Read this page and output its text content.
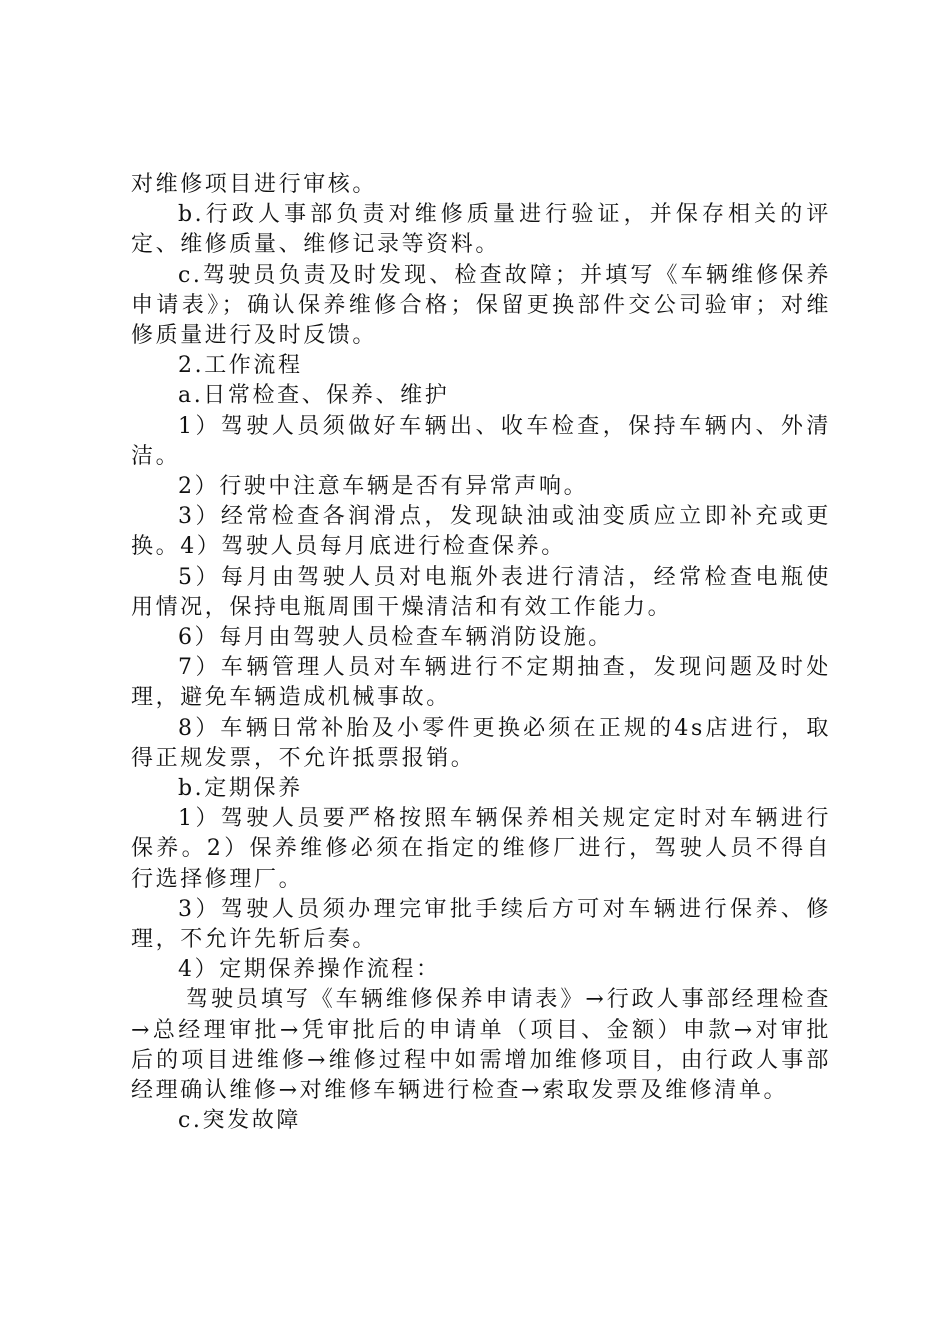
对维修项目进行审核。

b.行政人事部负责对维修质量进行验证，并保存相关的评定、维修质量、维修记录等资料。

c.驾驶员负责及时发现、检查故障；并填写《车辆维修保养申请表》；确认保养维修合格；保留更换部件交公司验审；对维修质量进行及时反馈。

2.工作流程

a.日常检查、保养、维护

1）驾驶人员须做好车辆出、收车检查，保持车辆内、外清洁。

2）行驶中注意车辆是否有异常声响。

3）经常检查各润滑点，发现缺油或油变质应立即补充或更换。4）驾驶人员每月底进行检查保养。

5）每月由驾驶人员对电瓶外表进行清洁，经常检查电瓶使用情况，保持电瓶周围干燥清洁和有效工作能力。

6）每月由驾驶人员检查车辆消防设施。

7）车辆管理人员对车辆进行不定期抽查，发现问题及时处理，避免车辆造成机械事故。

8）车辆日常补胎及小零件更换必须在正规的4s店进行，取得正规发票，不允许抵票报销。

b.定期保养

1）驾驶人员要严格按照车辆保养相关规定定时对车辆进行保养。2）保养维修必须在指定的维修厂进行，驾驶人员不得自行选择修理厂。

3）驾驶人员须办理完审批手续后方可对车辆进行保养、修理，不允许先斩后奏。

4）定期保养操作流程：

驾驶员填写《车辆维修保养申请表》→行政人事部经理检查→总经理审批→凭审批后的申请单（项目、金额）申款→对审批后的项目进维修→维修过程中如需增加维修项目，由行政人事部经理确认维修→对维修车辆进行检查→索取发票及维修清单。

c.突发故障
